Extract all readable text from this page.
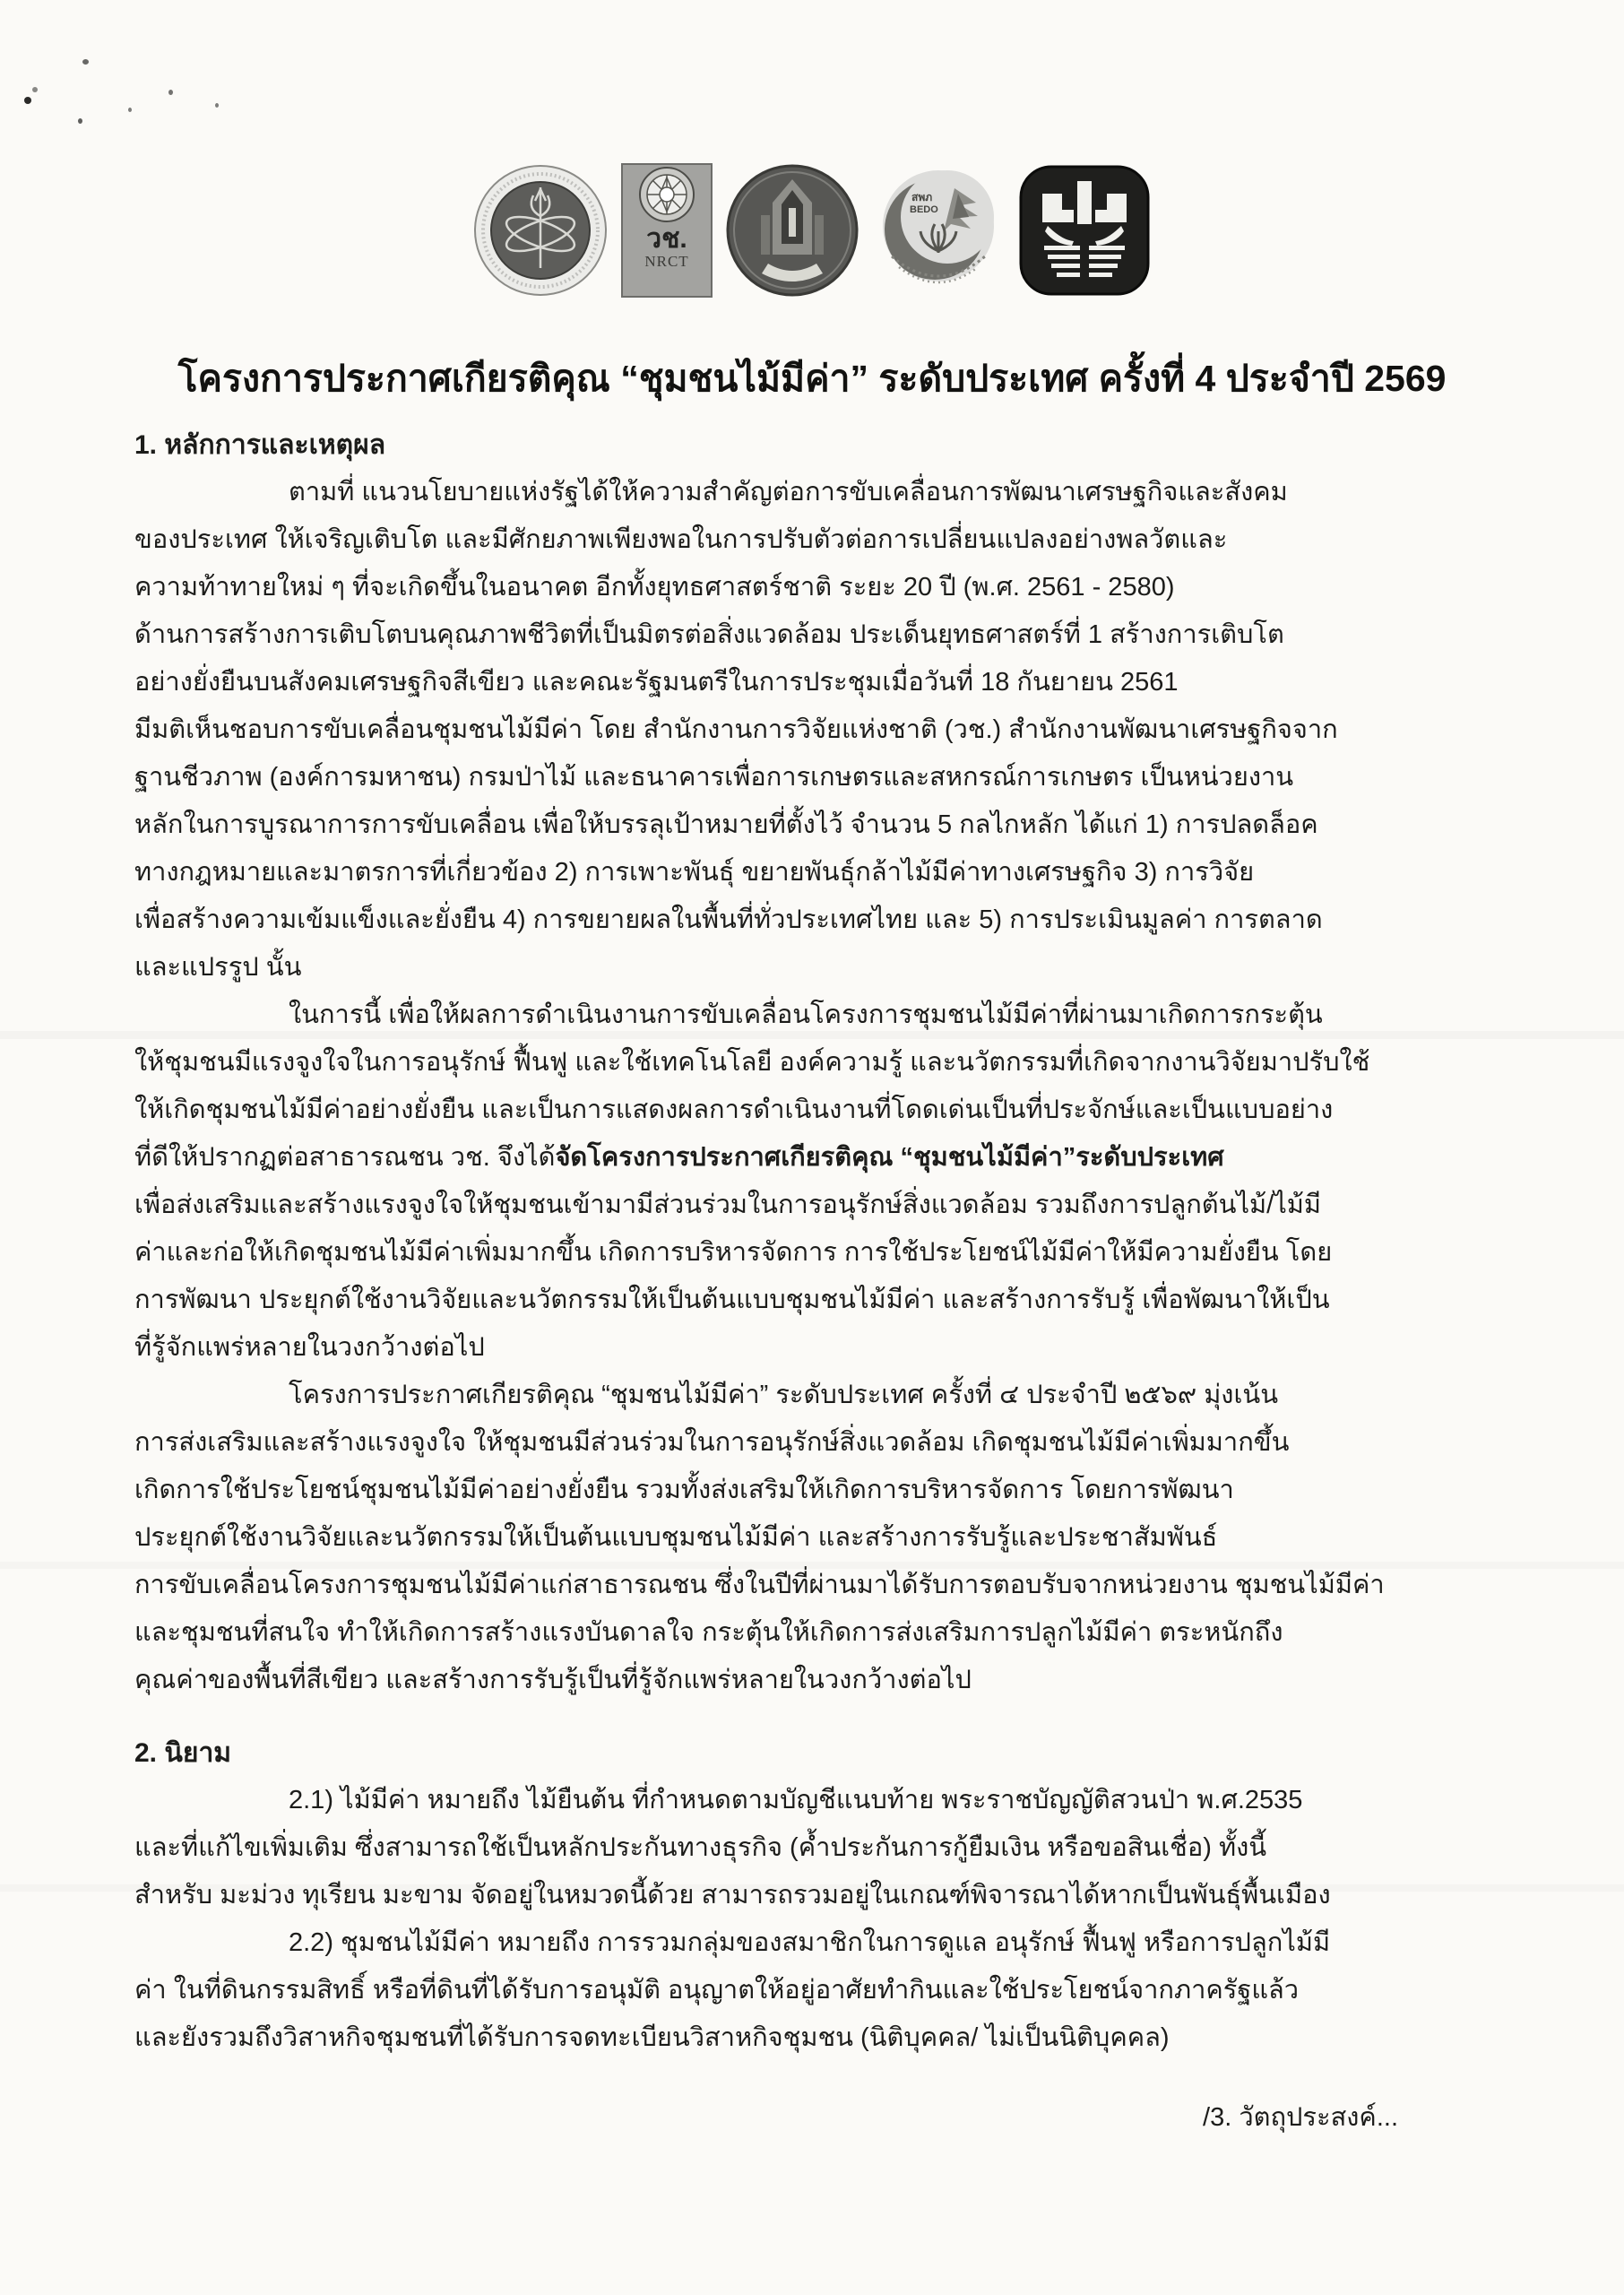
วช.
NRCT
สพภ
BEDO
โครงการประกาศเกียรติคุณ “ชุมชนไม้มีค่า” ระดับประเทศ ครั้งที่ 4 ประจำปี 2569
1. หลักการและเหตุผล
ตามที่ แนวนโยบายแห่งรัฐได้ให้ความสำคัญต่อการขับเคลื่อนการพัฒนาเศรษฐกิจและสังคม
ของประเทศ ให้เจริญเติบโต และมีศักยภาพเพียงพอในการปรับตัวต่อการเปลี่ยนแปลงอย่างพลวัตและ
ความท้าทายใหม่ ๆ ที่จะเกิดขึ้นในอนาคต อีกทั้งยุทธศาสตร์ชาติ ระยะ 20 ปี (พ.ศ. 2561 - 2580)
ด้านการสร้างการเติบโตบนคุณภาพชีวิตที่เป็นมิตรต่อสิ่งแวดล้อม ประเด็นยุทธศาสตร์ที่ 1 สร้างการเติบโต
อย่างยั่งยืนบนสังคมเศรษฐกิจสีเขียว และคณะรัฐมนตรีในการประชุมเมื่อวันที่ 18 กันยายน 2561
มีมติเห็นชอบการขับเคลื่อนชุมชนไม้มีค่า โดย สำนักงานการวิจัยแห่งชาติ (วช.) สำนักงานพัฒนาเศรษฐกิจจาก
ฐานชีวภาพ (องค์การมหาชน) กรมป่าไม้ และธนาคารเพื่อการเกษตรและสหกรณ์การเกษตร เป็นหน่วยงาน
หลักในการบูรณาการการขับเคลื่อน เพื่อให้บรรลุเป้าหมายที่ตั้งไว้ จำนวน 5 กลไกหลัก ได้แก่ 1) การปลดล็อค
ทางกฎหมายและมาตรการที่เกี่ยวข้อง 2) การเพาะพันธุ์ ขยายพันธุ์กล้าไม้มีค่าทางเศรษฐกิจ 3) การวิจัย
เพื่อสร้างความเข้มแข็งและยั่งยืน 4) การขยายผลในพื้นที่ทั่วประเทศไทย และ 5) การประเมินมูลค่า การตลาด
และแปรรูป นั้น
ในการนี้ เพื่อให้ผลการดำเนินงานการขับเคลื่อนโครงการชุมชนไม้มีค่าที่ผ่านมาเกิดการกระตุ้น
ให้ชุมชนมีแรงจูงใจในการอนุรักษ์ ฟื้นฟู และใช้เทคโนโลยี องค์ความรู้ และนวัตกรรมที่เกิดจากงานวิจัยมาปรับใช้
ให้เกิดชุมชนไม้มีค่าอย่างยั่งยืน และเป็นการแสดงผลการดำเนินงานที่โดดเด่นเป็นที่ประจักษ์และเป็นแบบอย่าง
ที่ดีให้ปรากฏต่อสาธารณชน วช. จึงได้จัดโครงการประกาศเกียรติคุณ “ชุมชนไม้มีค่า”ระดับประเทศ
เพื่อส่งเสริมและสร้างแรงจูงใจให้ชุมชนเข้ามามีส่วนร่วมในการอนุรักษ์สิ่งแวดล้อม รวมถึงการปลูกต้นไม้/ไม้มี
ค่าและก่อให้เกิดชุมชนไม้มีค่าเพิ่มมากขึ้น เกิดการบริหารจัดการ การใช้ประโยชน์ไม้มีค่าให้มีความยั่งยืน โดย
การพัฒนา ประยุกต์ใช้งานวิจัยและนวัตกรรมให้เป็นต้นแบบชุมชนไม้มีค่า และสร้างการรับรู้ เพื่อพัฒนาให้เป็น
ที่รู้จักแพร่หลายในวงกว้างต่อไป
โครงการประกาศเกียรติคุณ “ชุมชนไม้มีค่า” ระดับประเทศ ครั้งที่ ๔ ประจำปี ๒๕๖๙ มุ่งเน้น
การส่งเสริมและสร้างแรงจูงใจ ให้ชุมชนมีส่วนร่วมในการอนุรักษ์สิ่งแวดล้อม เกิดชุมชนไม้มีค่าเพิ่มมากขึ้น
เกิดการใช้ประโยชน์ชุมชนไม้มีค่าอย่างยั่งยืน รวมทั้งส่งเสริมให้เกิดการบริหารจัดการ โดยการพัฒนา
ประยุกต์ใช้งานวิจัยและนวัตกรรมให้เป็นต้นแบบชุมชนไม้มีค่า และสร้างการรับรู้และประชาสัมพันธ์
การขับเคลื่อนโครงการชุมชนไม้มีค่าแก่สาธารณชน ซึ่งในปีที่ผ่านมาได้รับการตอบรับจากหน่วยงาน ชุมชนไม้มีค่า
และชุมชนที่สนใจ ทำให้เกิดการสร้างแรงบันดาลใจ กระตุ้นให้เกิดการส่งเสริมการปลูกไม้มีค่า ตระหนักถึง
คุณค่าของพื้นที่สีเขียว และสร้างการรับรู้เป็นที่รู้จักแพร่หลายในวงกว้างต่อไป
2. นิยาม
2.1) ไม้มีค่า หมายถึง ไม้ยืนต้น ที่กำหนดตามบัญชีแนบท้าย พระราชบัญญัติสวนป่า พ.ศ.2535
และที่แก้ไขเพิ่มเติม ซึ่งสามารถใช้เป็นหลักประกันทางธุรกิจ (ค้ำประกันการกู้ยืมเงิน หรือขอสินเชื่อ) ทั้งนี้
สำหรับ มะม่วง ทุเรียน มะขาม จัดอยู่ในหมวดนี้ด้วย สามารถรวมอยู่ในเกณฑ์พิจารณาได้หากเป็นพันธุ์พื้นเมือง
2.2) ชุมชนไม้มีค่า หมายถึง การรวมกลุ่มของสมาชิกในการดูแล อนุรักษ์ ฟื้นฟู หรือการปลูกไม้มี
ค่า ในที่ดินกรรมสิทธิ์ หรือที่ดินที่ได้รับการอนุมัติ อนุญาตให้อยู่อาศัยทำกินและใช้ประโยชน์จากภาครัฐแล้ว
และยังรวมถึงวิสาหกิจชุมชนที่ได้รับการจดทะเบียนวิสาหกิจชุมชน (นิติบุคคล/ ไม่เป็นนิติบุคคล)
/3. วัตถุประสงค์...
